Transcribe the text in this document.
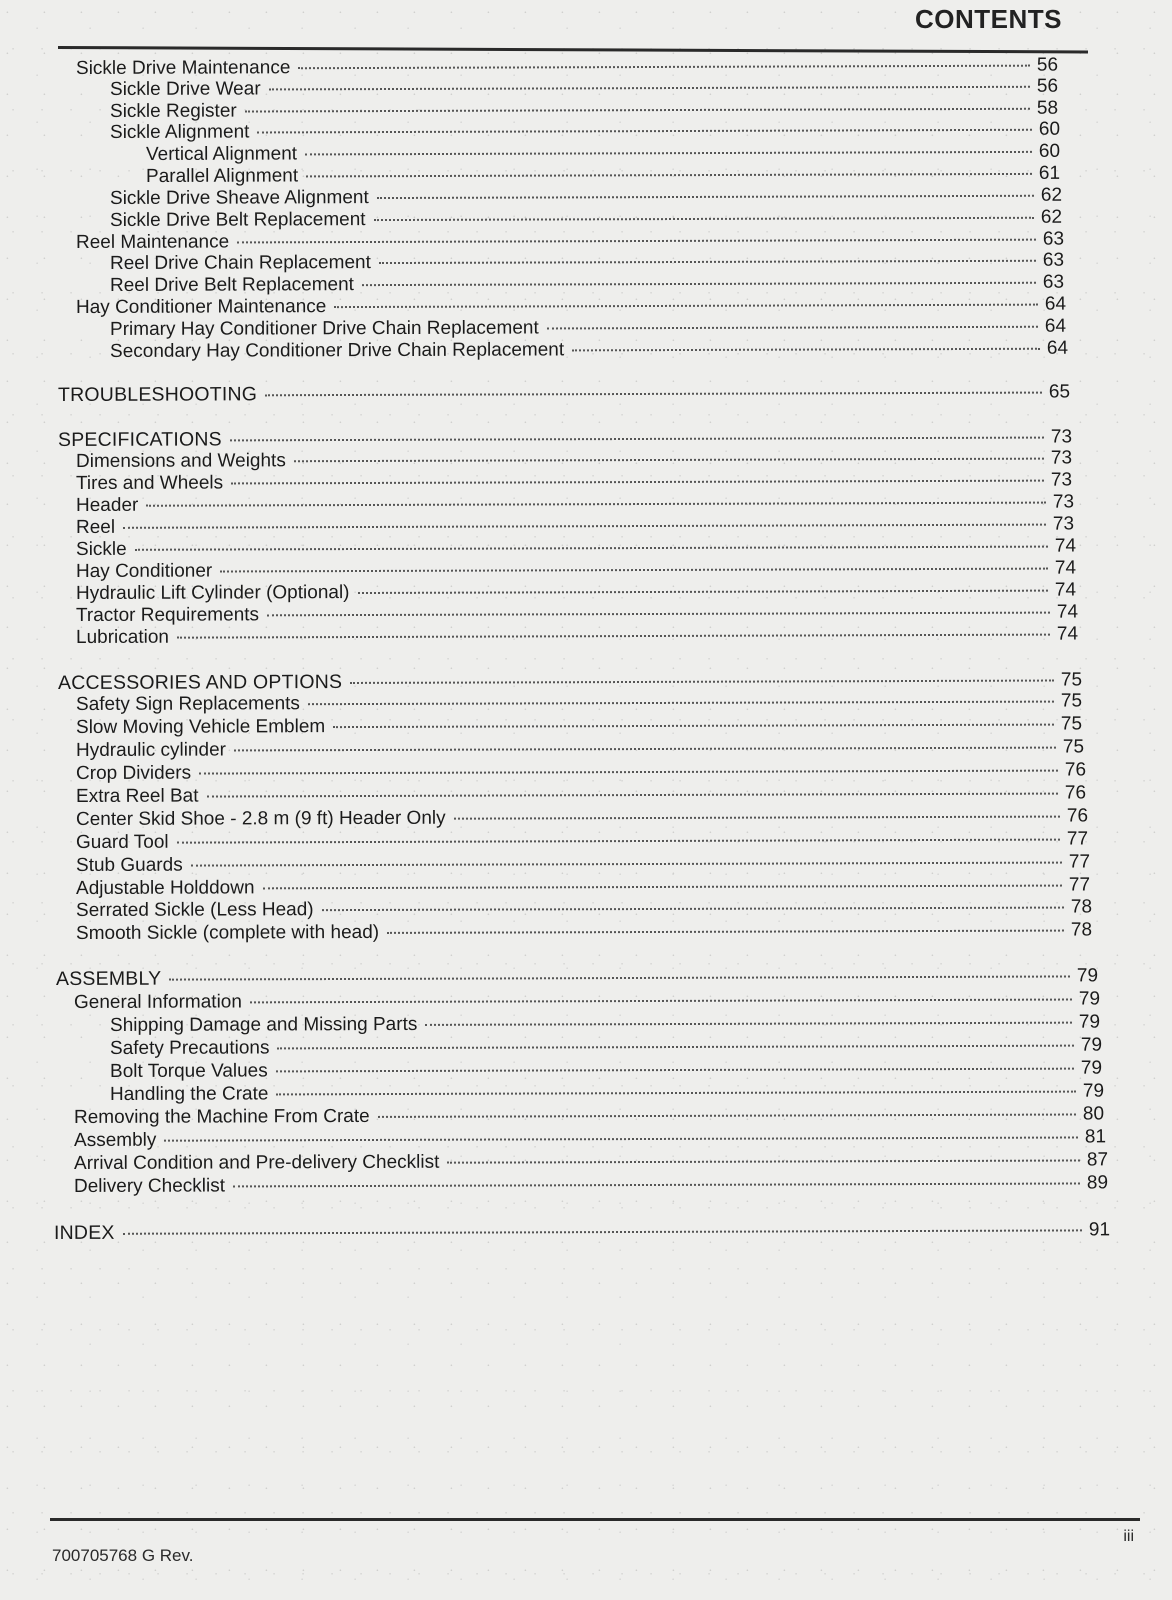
CONTENTS
Sickle Drive Maintenance	56
Sickle Drive Wear	56
Sickle Register	58
Sickle Alignment	60
Vertical Alignment	60
Parallel Alignment	61
Sickle Drive Sheave Alignment	62
Sickle Drive Belt Replacement	62
Reel Maintenance	63
Reel Drive Chain Replacement	63
Reel Drive Belt Replacement	63
Hay Conditioner Maintenance	64
Primary Hay Conditioner Drive Chain Replacement	64
Secondary Hay Conditioner Drive Chain Replacement	64
TROUBLESHOOTING	65
SPECIFICATIONS	73
Dimensions and Weights	73
Tires and Wheels	73
Header	73
Reel	73
Sickle	74
Hay Conditioner	74
Hydraulic Lift Cylinder (Optional)	74
Tractor Requirements	74
Lubrication	74
ACCESSORIES AND OPTIONS	75
Safety Sign Replacements	75
Slow Moving Vehicle Emblem	75
Hydraulic cylinder	75
Crop Dividers	76
Extra Reel Bat	76
Center Skid Shoe - 2.8 m (9 ft) Header Only	76
Guard Tool	77
Stub Guards	77
Adjustable Holddown	77
Serrated Sickle (Less Head)	78
Smooth Sickle (complete with head)	78
ASSEMBLY	79
General Information	79
Shipping Damage and Missing Parts	79
Safety Precautions	79
Bolt Torque Values	79
Handling the Crate	79
Removing the Machine From Crate	80
Assembly	81
Arrival Condition and Pre-delivery Checklist	87
Delivery Checklist	89
INDEX	91
700705768 G Rev.
iii
